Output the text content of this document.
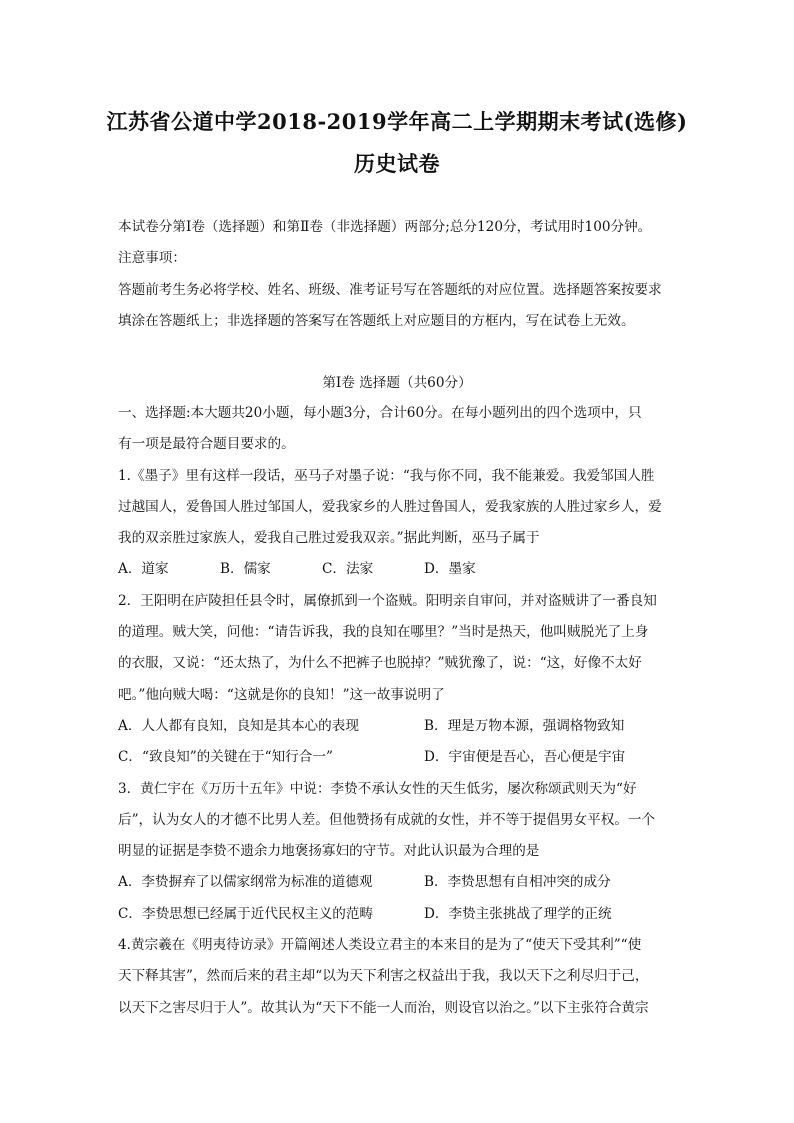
江苏省公道中学2018-2019学年高二上学期期末考试(选修)
历史试卷

本试卷分第Ⅰ卷（选择题）和第Ⅱ卷（非选择题）两部分;总分120分，考试用时100分钟。

注意事项：

答题前考生务必将学校、姓名、班级、准考证号写在答题纸的对应位置。选择题答案按要求

填涂在答题纸上；非选择题的答案写在答题纸上对应题目的方框内，写在试卷上无效。

第Ⅰ卷 选择题（共60分）

一、选择题:本大题共20小题，每小题3分，合计60分。在每小题列出的四个选项中，只

有一项是最符合题目要求的。

1.《墨子》里有这样一段话，巫马子对墨子说：“我与你不同，我不能兼爱。我爱邹国人胜

过越国人，爱鲁国人胜过邹国人，爱我家乡的人胜过鲁国人，爱我家族的人胜过家乡人，爱

我的双亲胜过家族人，爱我自己胜过爱我双亲。”据此判断，巫马子属于

A．道家	B．儒家	C．法家	D．墨家

2．王阳明在庐陵担任县令时，属僚抓到一个盗贼。阳明亲自审问，并对盗贼讲了一番良知

的道理。贼大笑，问他：“请告诉我，我的良知在哪里？”当时是热天，他叫贼脱光了上身

的衣服，又说：“还太热了，为什么不把裤子也脱掉？”贼犹豫了，说：“这，好像不太好

吧。”他向贼大喝：“这就是你的良知！”这一故事说明了

A．人人都有良知，良知是其本心的表现	B．理是万物本源，强调格物致知

C．“致良知”的关键在于“知行合一”	D．宇宙便是吾心，吾心便是宇宙

3．黄仁宇在《万历十五年》中说：李贽不承认女性的天生低劣，屡次称颂武则天为“好

后”，认为女人的才德不比男人差。但他赞扬有成就的女性，并不等于提倡男女平权。一个

明显的证据是李贽不遗余力地褒扬寡妇的守节。对此认识最为合理的是

A．李贽摒弃了以儒家纲常为标准的道德观	B．李贽思想有自相冲突的成分

C．李贽思想已经属于近代民权主义的范畴	D．李贽主张挑战了理学的正统

4.黄宗羲在《明夷待访录》开篇阐述人类设立君主的本来目的是为了“使天下受其利”“使

天下释其害”，然而后来的君主却“以为天下利害之权益出于我，我以天下之利尽归于己，

以天下之害尽归于人”。故其认为“天下不能一人而治，则设官以治之。”以下主张符合黄宗
